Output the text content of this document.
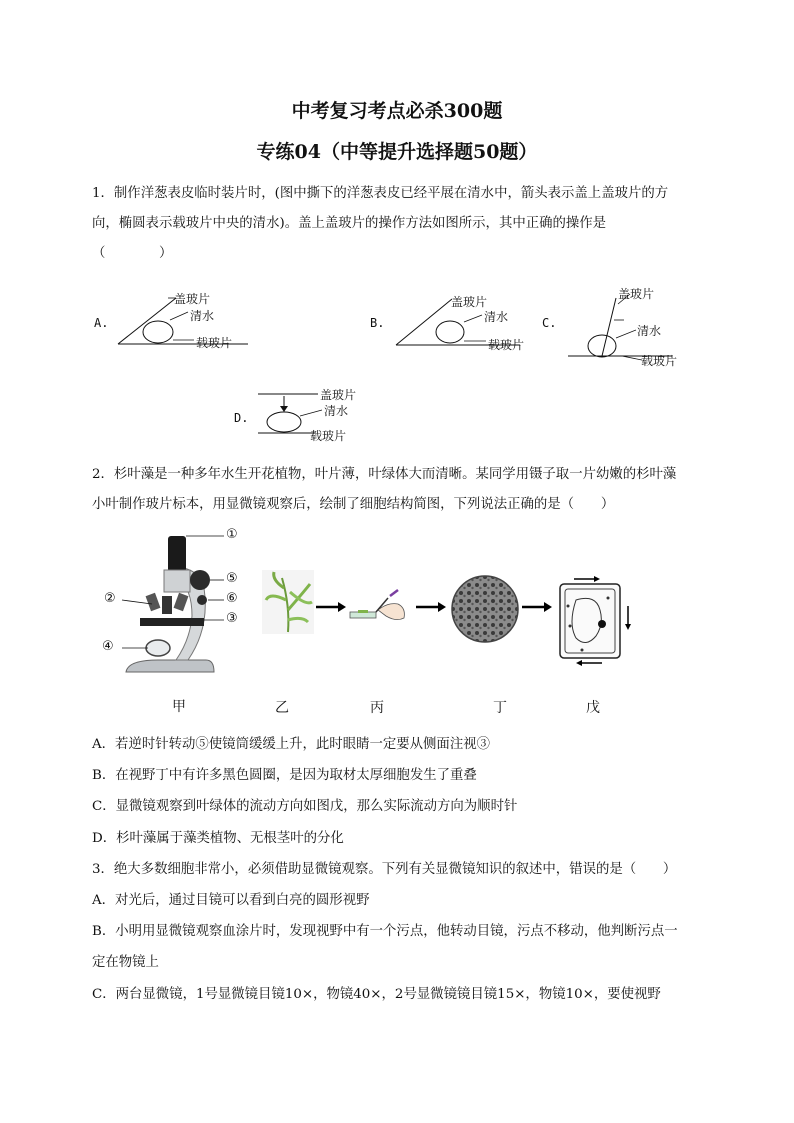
中考复习考点必杀300题
专练04（中等提升选择题50题）
1．制作洋葱表皮临时装片时，(图中撕下的洋葱表皮已经平展在清水中，箭头表示盖上盖玻片的方
向，椭圆表示载玻片中央的清水)。盖上盖玻片的操作方法如图所示，其中正确的操作是
（　　　　）
A.
盖玻片
清水
载玻片
B.
盖玻片
清水
载玻片
C.
盖玻片
清水
载玻片
D.
盖玻片
清水
载玻片
2．杉叶藻是一种多年水生开花植物，叶片薄，叶绿体大而清晰。某同学用镊子取一片幼嫩的杉叶藻
小叶制作玻片标本，用显微镜观察后，绘制了细胞结构简图，下列说法正确的是（　　）
①
②
③
④
⑤
⑥
甲	乙	丙	丁	戊
A．若逆时针转动⑤使镜筒缓缓上升，此时眼睛一定要从侧面注视③
B．在视野丁中有许多黑色圆圈，是因为取材太厚细胞发生了重叠
C．显微镜观察到叶绿体的流动方向如图戊，那么实际流动方向为顺时针
D．杉叶藻属于藻类植物、无根茎叶的分化
3．绝大多数细胞非常小，必须借助显微镜观察。下列有关显微镜知识的叙述中，错误的是（　　）
A．对光后，通过目镜可以看到白亮的圆形视野
B．小明用显微镜观察血涂片时，发现视野中有一个污点，他转动目镜，污点不移动，他判断污点一
定在物镜上
C．两台显微镜，1号显微镜目镜10×，物镜40×，2号显微镜镜目镜15×，物镜10×，要使视野
